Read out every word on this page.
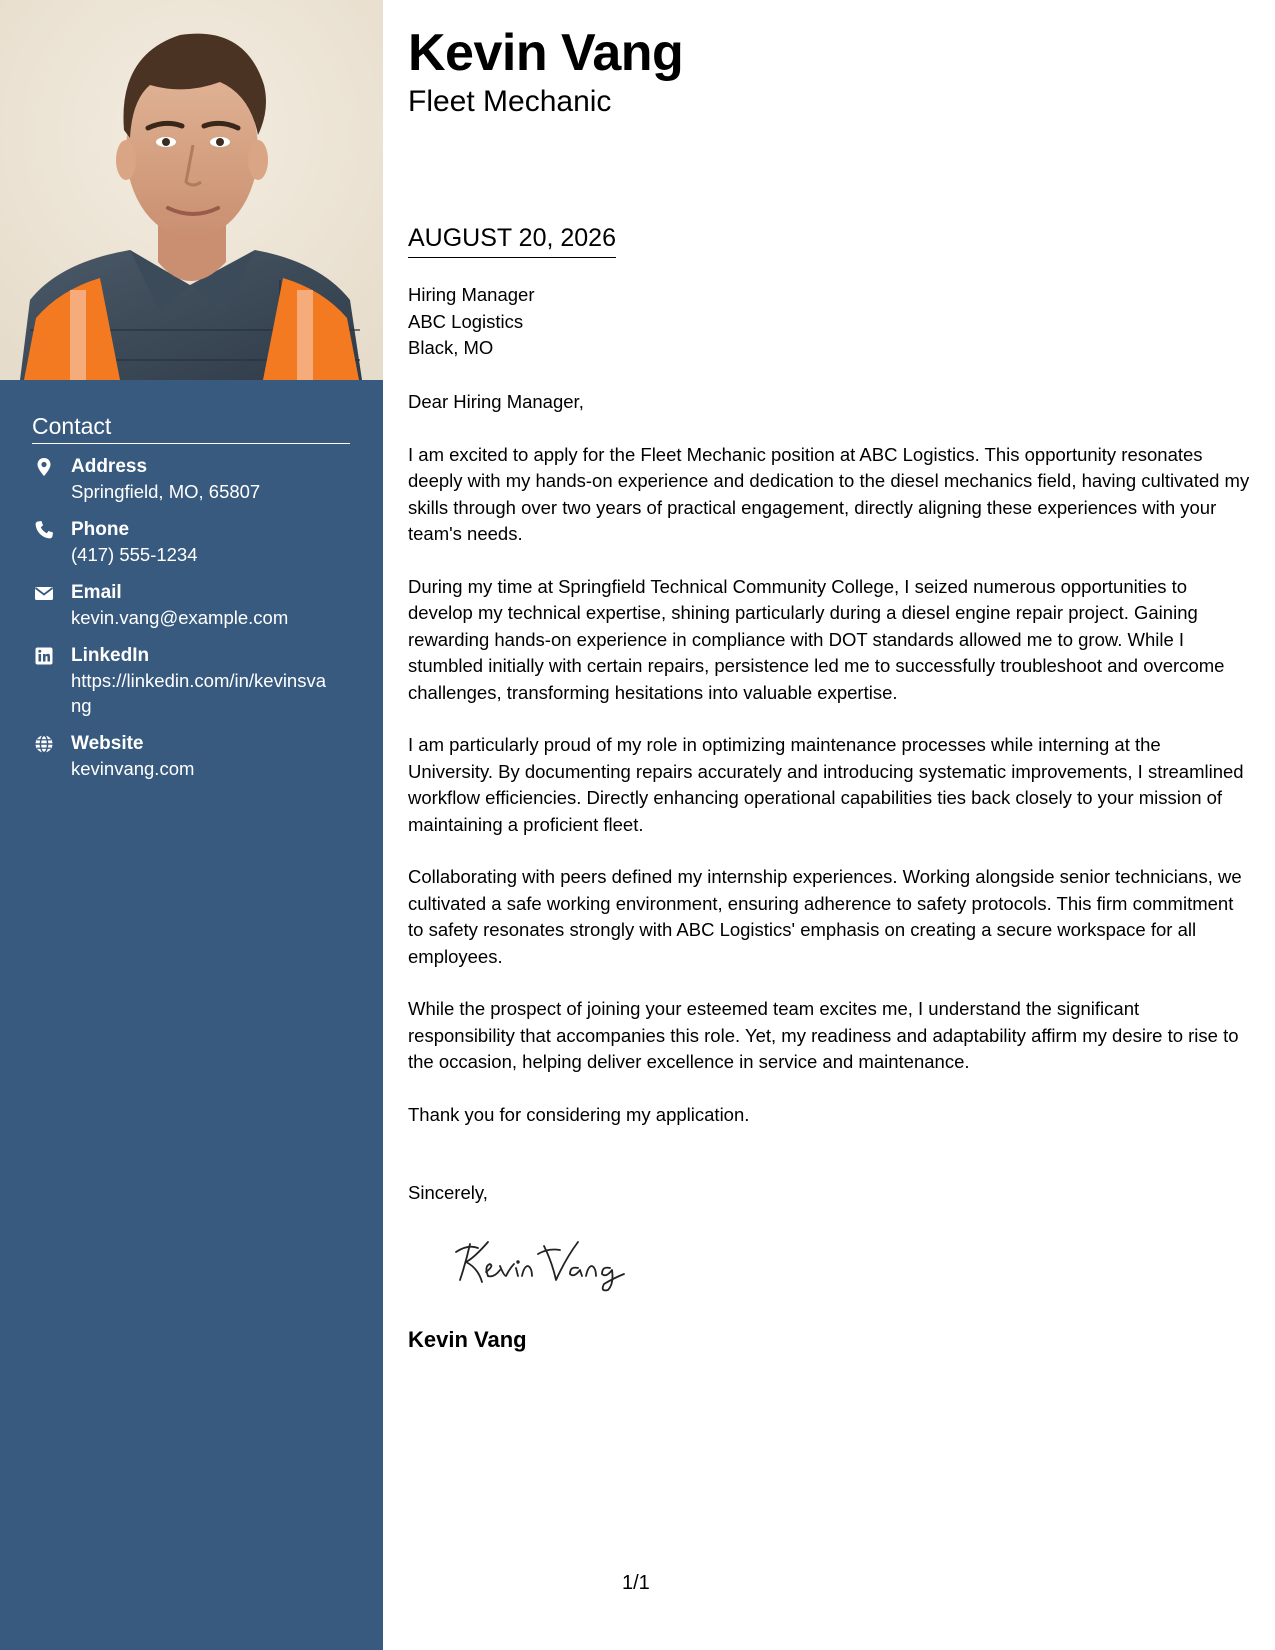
Contact
Address
Springfield, MO, 65807
Phone
(417) 555-1234
Email
kevin.vang@example.com
LinkedIn
https://linkedin.com/in/kevinsvang
Website
kevinvang.com
Kevin Vang
Fleet Mechanic
AUGUST 20, 2026
Hiring Manager
ABC Logistics
Black, MO

Dear Hiring Manager,

I am excited to apply for the Fleet Mechanic position at ABC Logistics. This opportunity resonates deeply with my hands-on experience and dedication to the diesel mechanics field, having cultivated my skills through over two years of practical engagement, directly aligning these experiences with your team's needs.

During my time at Springfield Technical Community College, I seized numerous opportunities to develop my technical expertise, shining particularly during a diesel engine repair project. Gaining rewarding hands-on experience in compliance with DOT standards allowed me to grow. While I stumbled initially with certain repairs, persistence led me to successfully troubleshoot and overcome challenges, transforming hesitations into valuable expertise.

I am particularly proud of my role in optimizing maintenance processes while interning at the University. By documenting repairs accurately and introducing systematic improvements, I streamlined workflow efficiencies. Directly enhancing operational capabilities ties back closely to your mission of maintaining a proficient fleet.

Collaborating with peers defined my internship experiences. Working alongside senior technicians, we cultivated a safe working environment, ensuring adherence to safety protocols. This firm commitment to safety resonates strongly with ABC Logistics' emphasis on creating a secure workspace for all employees.

While the prospect of joining your esteemed team excites me, I understand the significant responsibility that accompanies this role. Yet, my readiness and adaptability affirm my desire to rise to the occasion, helping deliver excellence in service and maintenance.

Thank you for considering my application.

Sincerely,

Kevin Vang
1/1
